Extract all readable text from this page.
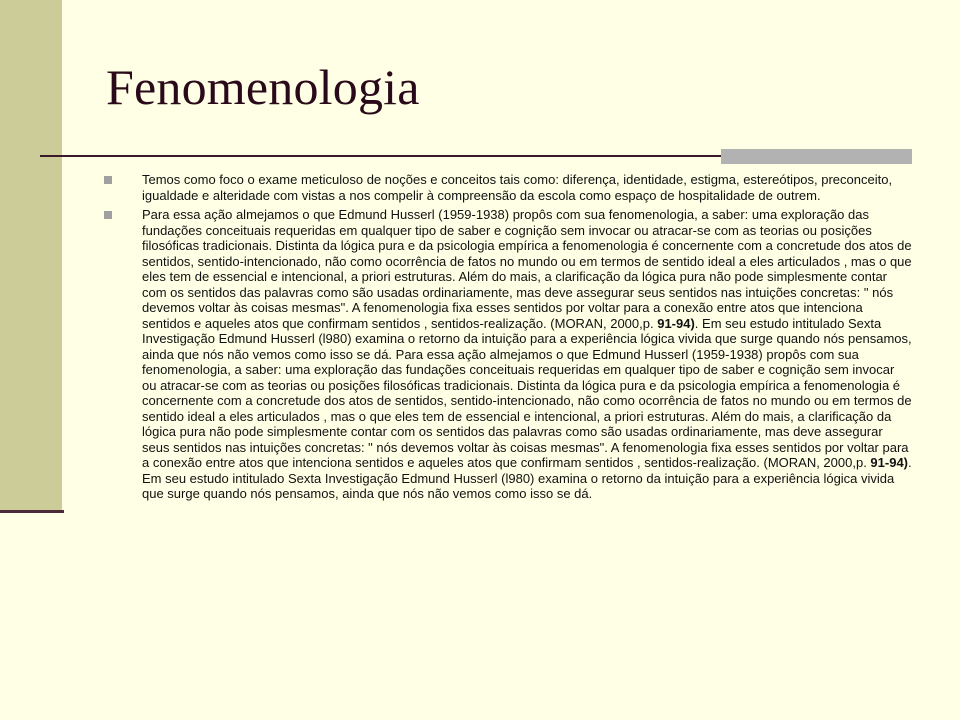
Fenomenologia
Temos como foco o exame meticuloso de noções e conceitos tais como: diferença, identidade, estigma, estereótipos, preconceito, igualdade e alteridade com vistas a nos compelir à compreensão da escola como espaço de hospitalidade de outrem.
Para essa ação almejamos o que Edmund Husserl (1959-1938) propôs com sua fenomenologia, a saber: uma exploração das fundações conceituais requeridas em qualquer tipo de saber e cognição sem invocar ou atracar-se com as teorias ou posições filosóficas tradicionais. Distinta da lógica pura e da psicologia empírica a fenomenologia é concernente com a concretude dos atos de sentidos, sentido-intencionado, não como ocorrência de fatos no mundo ou em termos de sentido ideal a eles articulados , mas o que eles tem de essencial e intencional, a priori estruturas. Além do mais, a clarificação da lógica pura não pode simplesmente contar com os sentidos das palavras como são usadas ordinariamente, mas deve assegurar seus sentidos nas intuições concretas: " nós devemos voltar às coisas mesmas". A fenomenologia fixa esses sentidos por voltar para a conexão entre atos que intenciona sentidos e aqueles atos que confirmam sentidos , sentidos-realização. (MORAN, 2000,p. 91-94). Em seu estudo intitulado Sexta Investigação Edmund Husserl (l980) examina o retorno da intuição para a experiência lógica vivida que surge quando nós pensamos, ainda que nós não vemos como isso se dá. Para essa ação almejamos o que Edmund Husserl (1959-1938) propôs com sua fenomenologia, a saber: uma exploração das fundações conceituais requeridas em qualquer tipo de saber e cognição sem invocar ou atracar-se com as teorias ou posições filosóficas tradicionais. Distinta da lógica pura e da psicologia empírica a fenomenologia é concernente com a concretude dos atos de sentidos, sentido-intencionado, não como ocorrência de fatos no mundo ou em termos de sentido ideal a eles articulados , mas o que eles tem de essencial e intencional, a priori estruturas. Além do mais, a clarificação da lógica pura não pode simplesmente contar com os sentidos das palavras como são usadas ordinariamente, mas deve assegurar seus sentidos nas intuições concretas: " nós devemos voltar às coisas mesmas". A fenomenologia fixa esses sentidos por voltar para a conexão entre atos que intenciona sentidos e aqueles atos que confirmam sentidos , sentidos-realização. (MORAN, 2000,p. 91-94). Em seu estudo intitulado Sexta Investigação Edmund Husserl (l980) examina o retorno da intuição para a experiência lógica vivida que surge quando nós pensamos, ainda que nós não vemos como isso se dá.
